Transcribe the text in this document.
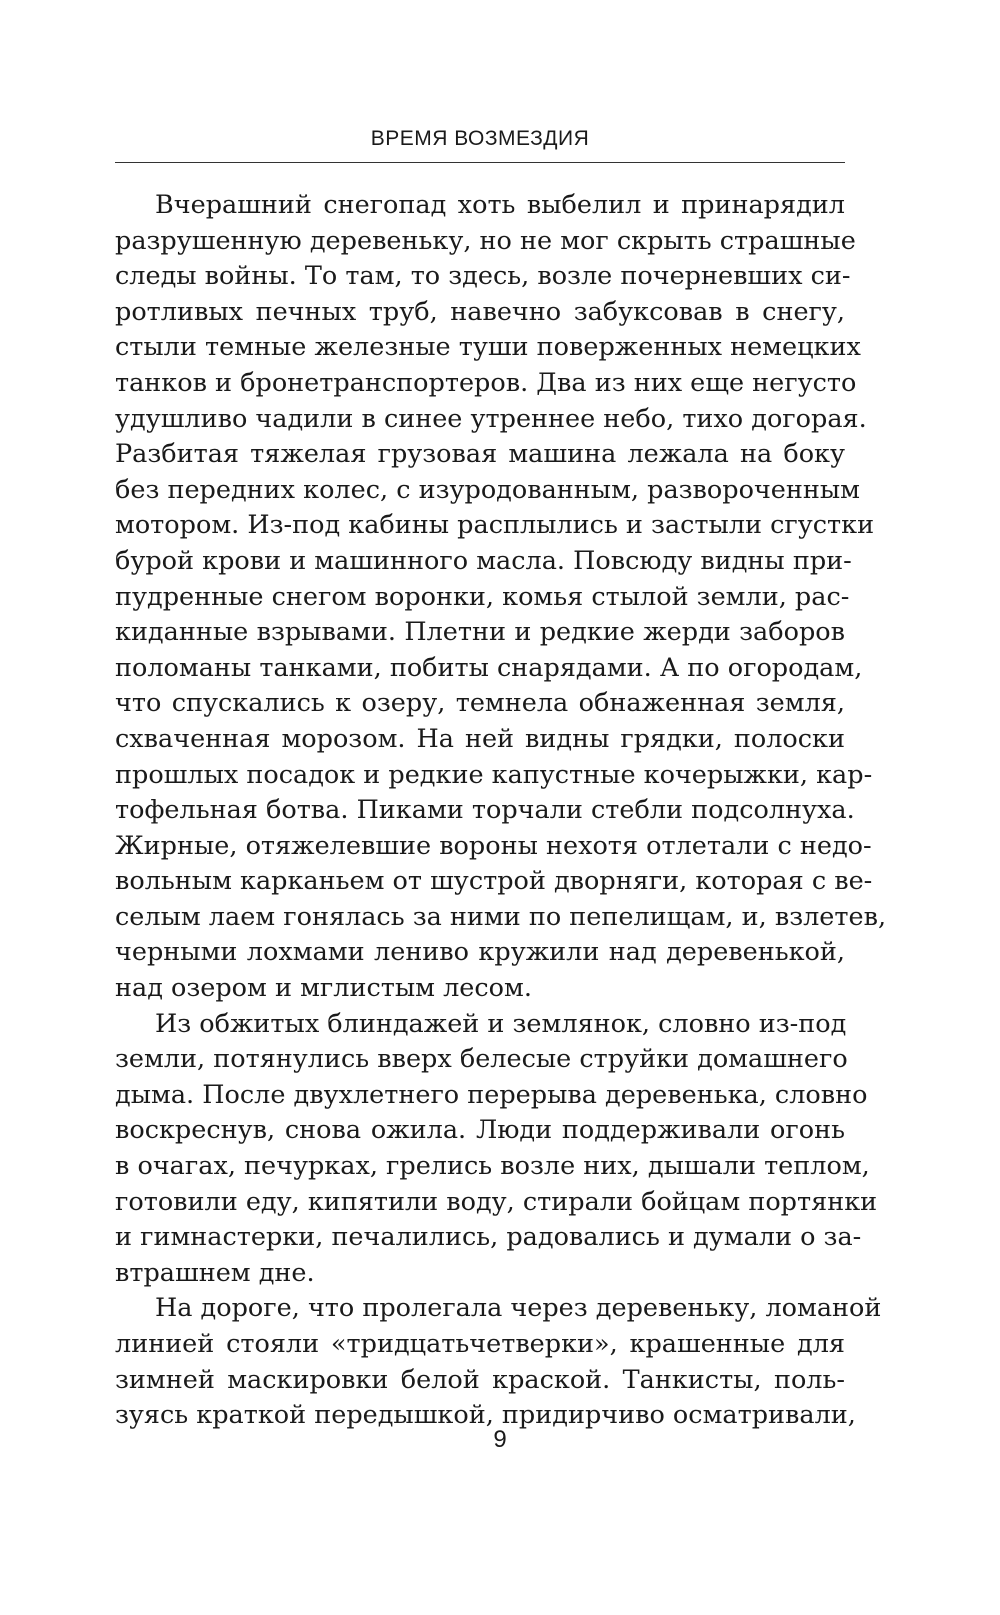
ВРЕМЯ ВОЗМЕЗДИЯ
Вчерашний снегопад хоть выбелил и принарядил
разрушенную деревеньку, но не мог скрыть страшные
следы войны. То там, то здесь, возле почерневших си-
ротливых печных труб, навечно забуксовав в снегу,
стыли темные железные туши поверженных немецких
танков и бронетранспортеров. Два из них еще негусто
удушливо чадили в синее утреннее небо, тихо догорая.
Разбитая тяжелая грузовая машина лежала на боку
без передних колес, с изуродованным, развороченным
мотором. Из-под кабины расплылись и застыли сгустки
бурой крови и машинного масла. Повсюду видны при-
пудренные снегом воронки, комья стылой земли, рас-
киданные взрывами. Плетни и редкие жерди заборов
поломаны танками, побиты снарядами. А по огородам,
что спускались к озеру, темнела обнаженная земля,
схваченная морозом. На ней видны грядки, полоски
прошлых посадок и редкие капустные кочерыжки, кар-
тофельная ботва. Пиками торчали стебли подсолнуха.
Жирные, отяжелевшие вороны нехотя отлетали с недо-
вольным карканьем от шустрой дворняги, которая с ве-
селым лаем гонялась за ними по пепелищам, и, взлетев,
черными лохмами лениво кружили над деревенькой,
над озером и мглистым лесом.
Из обжитых блиндажей и землянок, словно из-под
земли, потянулись вверх белесые струйки домашнего
дыма. После двухлетнего перерыва деревенька, словно
воскреснув, снова ожила. Люди поддерживали огонь
в очагах, печурках, грелись возле них, дышали теплом,
готовили еду, кипятили воду, стирали бойцам портянки
и гимнастерки, печалились, радовались и думали о за-
втрашнем дне.
На дороге, что пролегала через деревеньку, ломаной
линией стояли «тридцатьчетверки», крашенные для
зимней маскировки белой краской. Танкисты, поль-
зуясь краткой передышкой, придирчиво осматривали,
9
